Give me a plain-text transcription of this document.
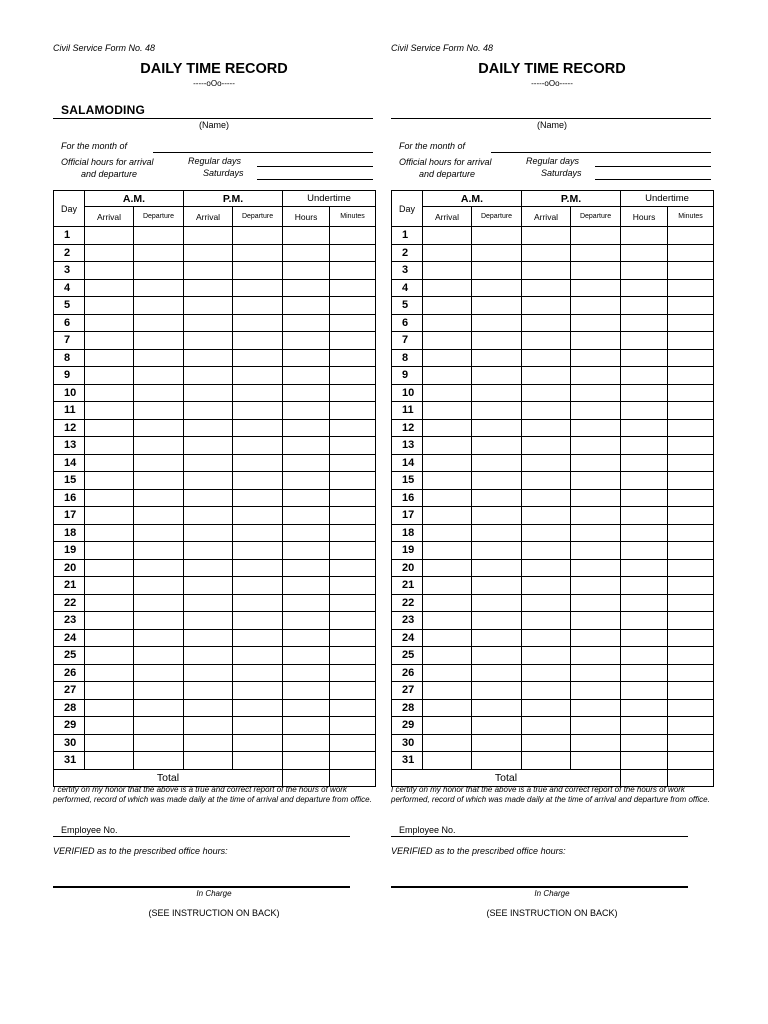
Civil Service Form No. 48
DAILY TIME RECORD
-----oOo-----
SALAMODING
(Name)
For the month of
Official hours for arrival
and departure
Regular days
Saturdays
Day	A.M.		P.M.		Undertime	
	Arrival	Departure	Arrival	Departure	Hours	Minutes
1						
2						
3						
4						
5						
6						
7						
8						
9						
10						
11						
12						
13						
14						
15						
16						
17						
18						
19						
20						
21						
22						
23						
24						
25						
26						
27						
28						
29						
30						
31						
Total						
I certify on my honor that the above is a true and correct report of the hours of work performed, record of which was made daily at the time of arrival and departure from office.
Employee No.
VERIFIED as to the prescribed office hours:
In Charge
(SEE INSTRUCTION ON BACK)
Civil Service Form No. 48
DAILY TIME RECORD
-----oOo-----
(Name)
For the month of
Official hours for arrival
and departure
Regular days
Saturdays
Day	A.M.		P.M.		Undertime	
	Arrival	Departure	Arrival	Departure	Hours	Minutes
1						
2						
3						
4						
5						
6						
7						
8						
9						
10						
11						
12						
13						
14						
15						
16						
17						
18						
19						
20						
21						
22						
23						
24						
25						
26						
27						
28						
29						
30						
31						
Total						
I certify on my honor that the above is a true and correct report of the hours of work performed, record of which was made daily at the time of arrival and departure from office.
Employee No.
VERIFIED as to the prescribed office hours:
In Charge
(SEE INSTRUCTION ON BACK)
